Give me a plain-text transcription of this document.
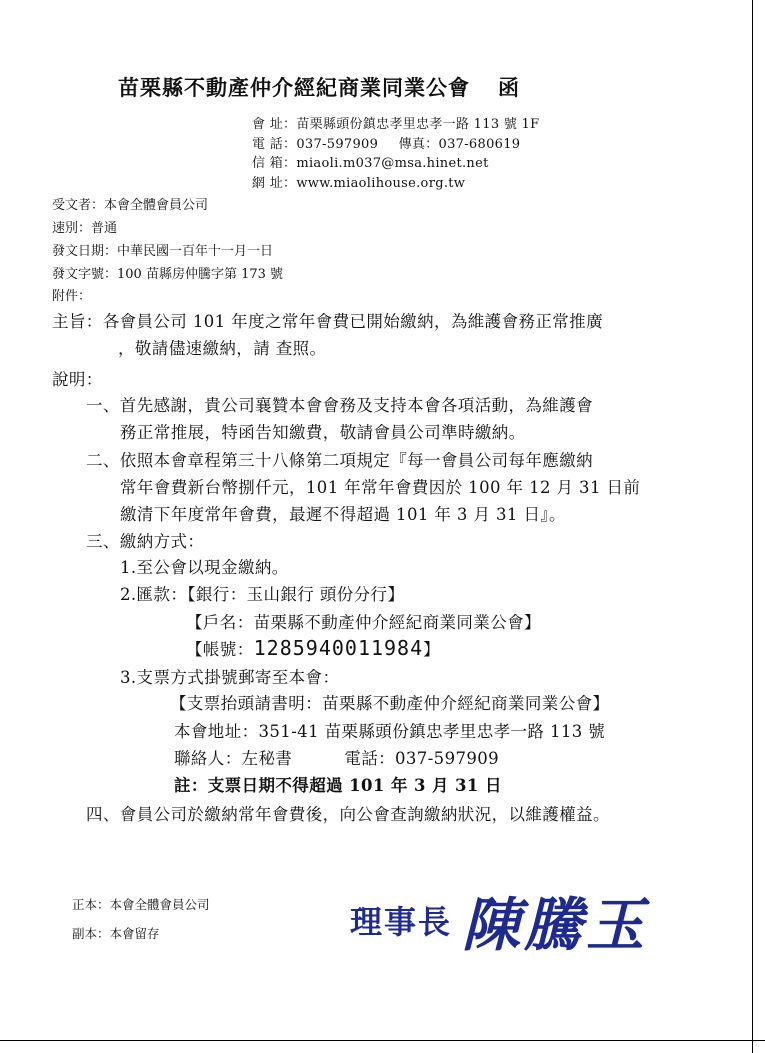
苗栗縣不動產仲介經紀商業同業公會 函
會 址：苗栗縣頭份鎮忠孝里忠孝一路 113 號 1F
電 話：037-597909 傳真：037-680619
信 箱：miaoli.m037@msa.hinet.net
網 址：www.miaolihouse.org.tw
受文者：本會全體會員公司
速別：普通
發文日期：中華民國一百年十一月一日
發文字號：100 苗縣房仲騰字第 173 號
附件：
主旨：各會員公司 101 年度之常年會費已開始繳納，為維護會務正常推廣
，敬請儘速繳納，請 查照。
說明：
一、首先感謝，貴公司襄贊本會會務及支持本會各項活動，為維護會
務正常推展，特函告知繳費，敬請會員公司準時繳納。
二、依照本會章程第三十八條第二項規定『每一會員公司每年應繳納
常年會費新台幣捌仟元，101 年常年會費因於 100 年 12 月 31 日前
繳清下年度常年會費，最遲不得超過 101 年 3 月 31 日』。
三、繳納方式：
1.至公會以現金繳納。
2.匯款：【銀行：玉山銀行 頭份分行】
【戶名：苗栗縣不動產仲介經紀商業同業公會】
【帳號：1285940011984】
3.支票方式掛號郵寄至本會：
【支票抬頭請書明：苗栗縣不動產仲介經紀商業同業公會】
本會地址：351-41 苗栗縣頭份鎮忠孝里忠孝一路 113 號
聯絡人：左秘書	電話：037-597909
註：支票日期不得超過 101 年 3 月 31 日
四、會員公司於繳納常年會費後，向公會查詢繳納狀況，以維護權益。
正本：本會全體會員公司
副本：本會留存	理事長 陳騰玉
